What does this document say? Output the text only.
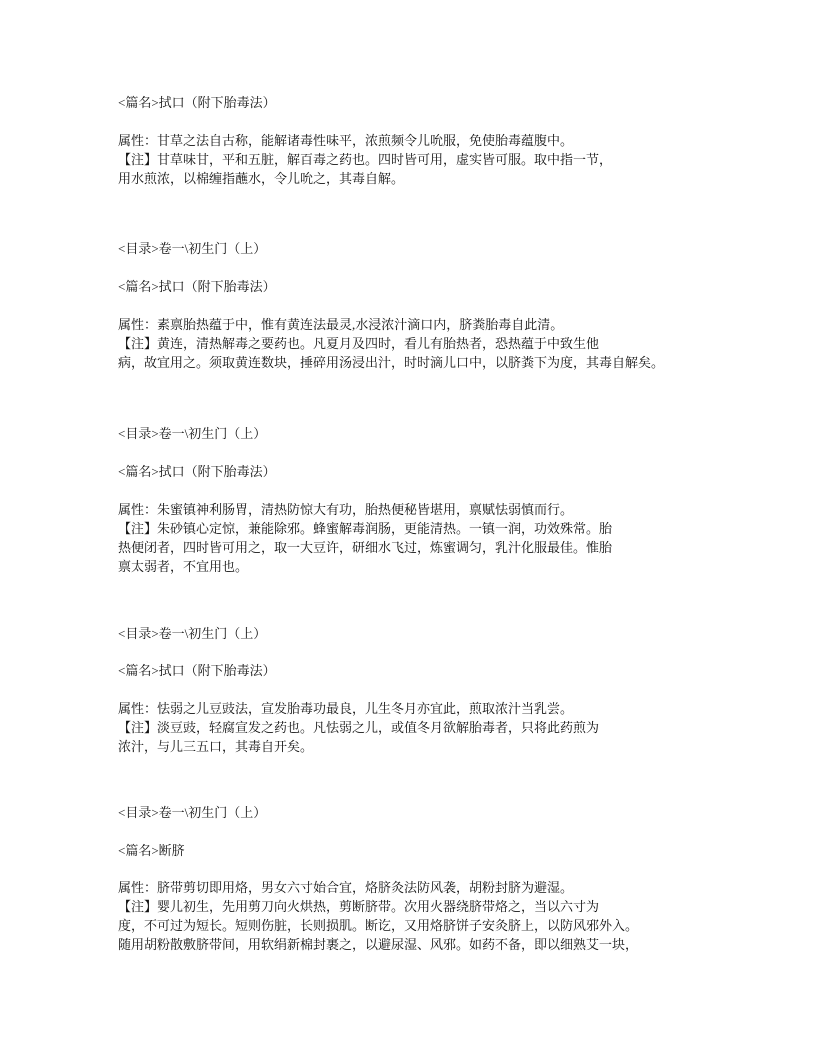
<篇名>拭口（附下胎毒法）
属性：甘草之法自古称，能解诸毒性味平，浓煎频令儿吮服，免使胎毒蕴腹中。
【注】甘草味甘，平和五脏，解百毒之药也。四时皆可用，虚实皆可服。取中指一节，
用水煎浓，以棉缠指蘸水，令儿吮之，其毒自解。
<目录>卷一\初生门（上）
<篇名>拭口（附下胎毒法）
属性：素禀胎热蕴于中，惟有黄连法最灵,水浸浓汁滴口内，脐粪胎毒自此清。
【注】黄连，清热解毒之要药也。凡夏月及四时，看儿有胎热者，恐热蕴于中致生他
病，故宜用之。须取黄连数块，捶碎用汤浸出汁，时时滴儿口中，以脐粪下为度，其毒自解矣。
<目录>卷一\初生门（上）
<篇名>拭口（附下胎毒法）
属性：朱蜜镇神利肠胃，清热防惊大有功，胎热便秘皆堪用，禀赋怯弱慎而行。
【注】朱砂镇心定惊，兼能除邪。蜂蜜解毒润肠，更能清热。一镇一润，功效殊常。胎
热便闭者，四时皆可用之，取一大豆许，研细水飞过，炼蜜调匀，乳汁化服最佳。惟胎
禀太弱者，不宜用也。
<目录>卷一\初生门（上）
<篇名>拭口（附下胎毒法）
属性：怯弱之儿豆豉法，宣发胎毒功最良，儿生冬月亦宜此，煎取浓汁当乳尝。
【注】淡豆豉，轻腐宣发之药也。凡怯弱之儿，或值冬月欲解胎毒者，只将此药煎为
浓汁，与儿三五口，其毒自开矣。
<目录>卷一\初生门（上）
<篇名>断脐
属性：脐带剪切即用烙，男女六寸始合宜，烙脐灸法防风袭，胡粉封脐为避湿。
【注】婴儿初生，先用剪刀向火烘热，剪断脐带。次用火器绕脐带烙之，当以六寸为
度，不可过为短长。短则伤脏，长则损肌。断讫，又用烙脐饼子安灸脐上，以防风邪外入。
随用胡粉散敷脐带间，用软绢新棉封裹之，以避尿湿、风邪。如药不备，即以细熟艾一块，
